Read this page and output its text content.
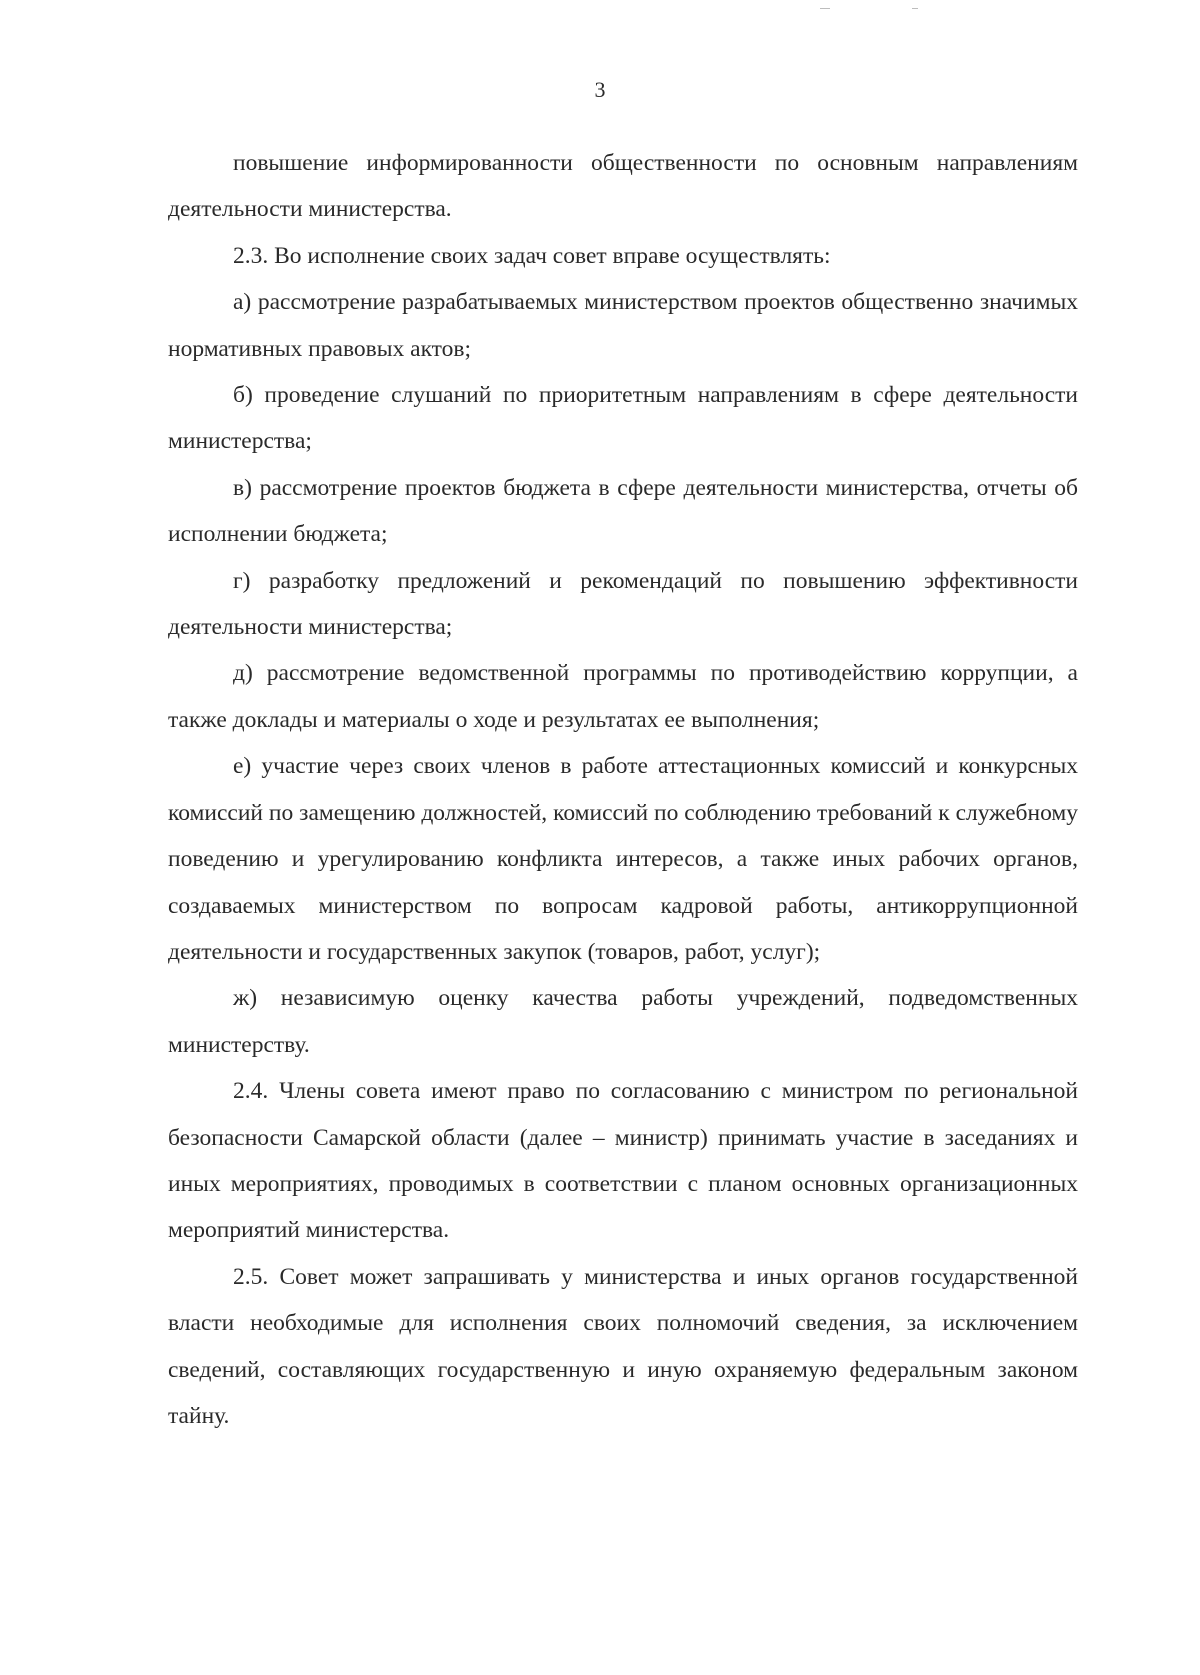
3

повышение информированности общественности по основным направлениям деятельности министерства.

2.3. Во исполнение своих задач совет вправе осуществлять:

а) рассмотрение разрабатываемых министерством проектов общественно значимых нормативных правовых актов;

б) проведение слушаний по приоритетным направлениям в сфере деятельности министерства;

в) рассмотрение проектов бюджета в сфере деятельности министерства, отчеты об исполнении бюджета;

г) разработку предложений и рекомендаций по повышению эффективности деятельности министерства;

д) рассмотрение ведомственной программы по противодействию коррупции, а также доклады и материалы о ходе и результатах ее выполнения;

е) участие через своих членов в работе аттестационных комиссий и конкурсных комиссий по замещению должностей, комиссий по соблюдению требований к служебному поведению и урегулированию конфликта интересов, а также иных рабочих органов, создаваемых министерством по вопросам кадровой работы, антикоррупционной деятельности и государственных закупок (товаров, работ, услуг);

ж) независимую оценку качества работы учреждений, подведомственных министерству.

2.4. Члены совета имеют право по согласованию с министром по региональной безопасности Самарской области (далее – министр) принимать участие в заседаниях и иных мероприятиях, проводимых в соответствии с планом основных организационных мероприятий министерства.

2.5. Совет может запрашивать у министерства и иных органов государственной власти необходимые для исполнения своих полномочий сведения, за исключением сведений, составляющих государственную и иную охраняемую федеральным законом тайну.
